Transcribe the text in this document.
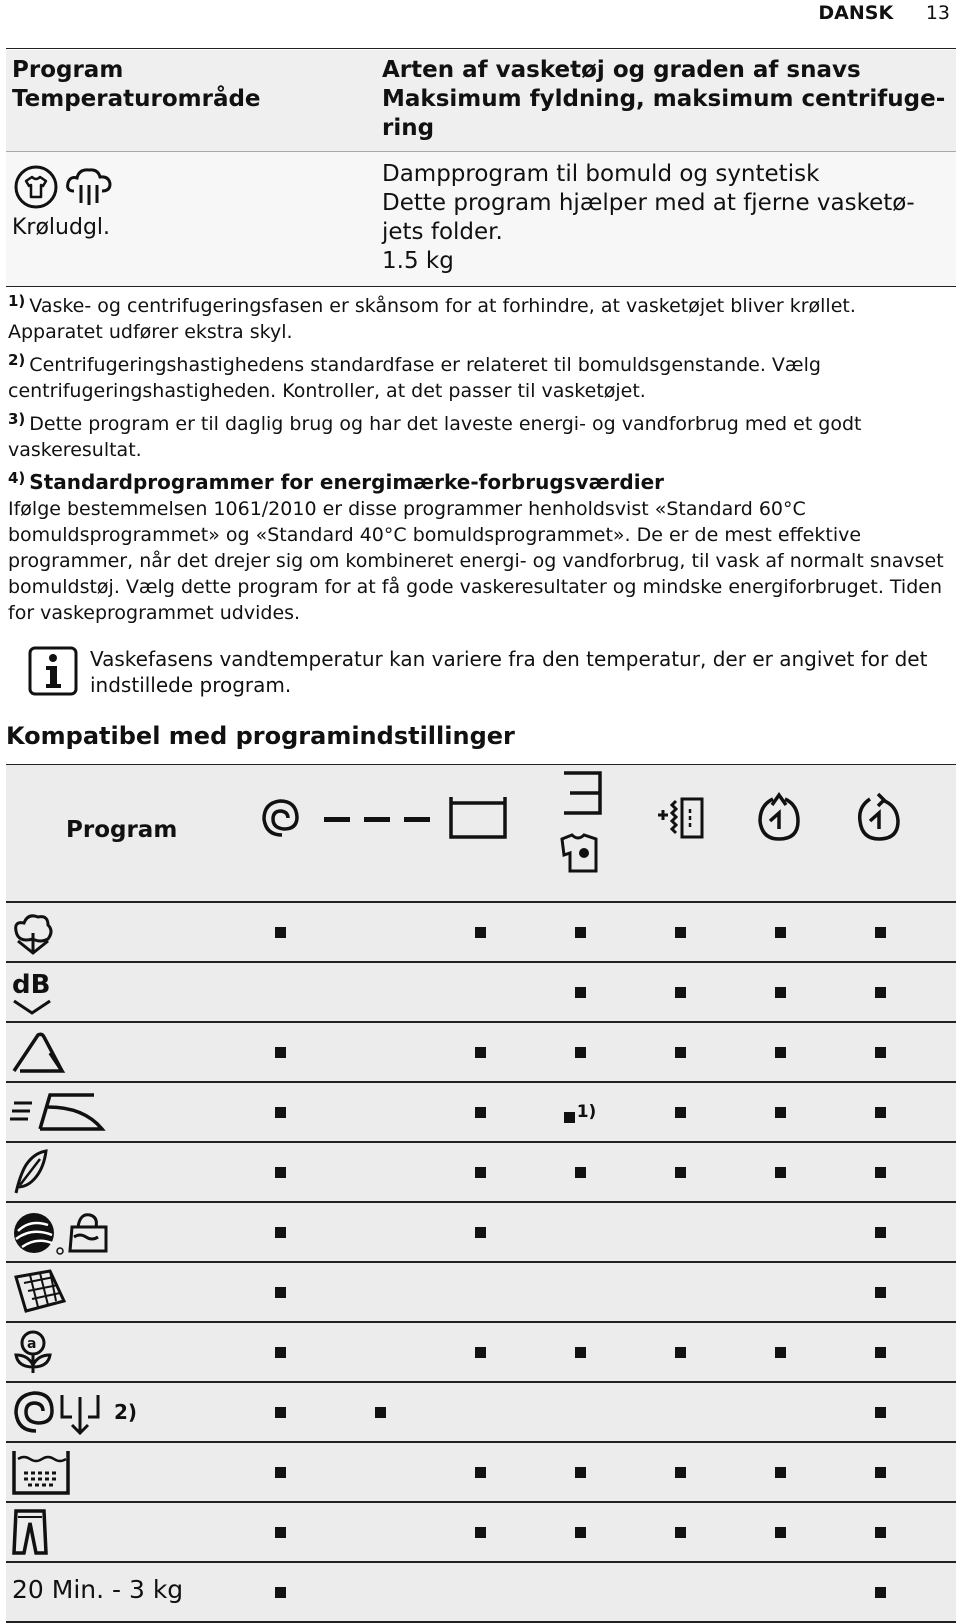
DANSK 13
Program
Temperaturområde
Arten af vasketøj og graden af snavs
Maksimum fyldning, maksimum centrifuge-
ring
Krøludgl.
Dampprogram til bomuld og syntetisk
Dette program hjælper med at fjerne vasketø-
jets folder.
1.5 kg
$^{1)}$ Vaske- og centrifugeringsfasen er skånsom for at forhindre, at vasketøjet bliver krøllet. Apparatet udfører ekstra skyl.
$^{2)}$ Centrifugeringshastighedens standardfase er relateret til bomuldsgenstande. Vælg centrifugeringshastigheden. Kontroller, at det passer til vasketøjet.
$^{3)}$ Dette program er til daglig brug og har det laveste energi- og vandforbrug med et godt vaskeresultat.
$^{4)}$ Standardprogrammer for energimærke-forbrugsværdier
Ifølge bestemmelsen 1061/2010 er disse programmer henholdsvist «Standard 60°C bomuldsprogrammet» og «Standard 40°C bomuldsprogrammet». De er de mest effektive programmer, når det drejer sig om kombineret energi- og vandforbrug, til vask af normalt snavset bomuldstøj. Vælg dette program for at få gode vaskeresultater og mindske energiforbruget. Tiden for vaskeprogrammet udvides.
Vaskefasens vandtemperatur kan variere fra den temperatur, der er angivet for det indstillede program.
Kompatibel med programindstillinger
Program
dB
$^{1)}$
a
2)
20 Min. - 3 kg
